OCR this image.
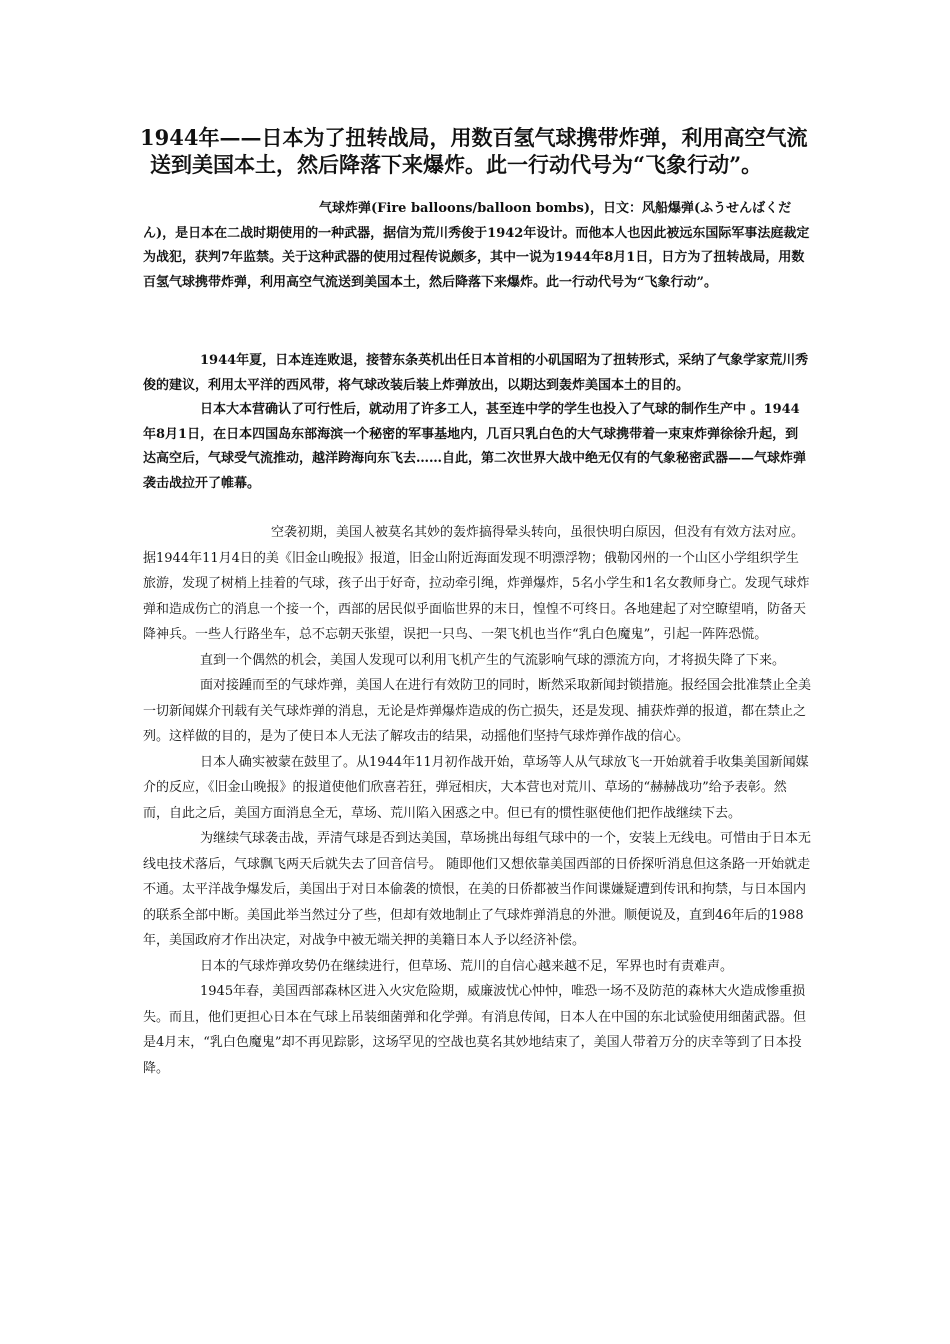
1944年——日本为了扭转战局，用数百氢气球携带炸弹，利用高空气流
送到美国本土，然后降落下来爆炸。此一行动代号为“飞象行动”。

气球炸弹(Fire balloons/balloon bombs)，日文：风船爆弹(ふうせんばくだん)，是日本在二战时期使用的一种武器，据信为荒川秀俊于1942年设计。而他本人也因此被远东国际军事法庭裁定为战犯，获判7年监禁。关于这种武器的使用过程传说颇多，其中一说为1944年8月1日，日方为了扭转战局，用数百氢气球携带炸弹，利用高空气流送到美国本土，然后降落下来爆炸。此一行动代号为“飞象行动”。

1944年夏，日本连连败退，接替东条英机出任日本首相的小矶国昭为了扭转形式，采纳了气象学家荒川秀俊的建议，利用太平洋的西风带，将气球改装后装上炸弹放出，以期达到轰炸美国本土的目的。

日本大本营确认了可行性后，就动用了许多工人，甚至连中学的学生也投入了气球的制作生产中 。1944年8月1日，在日本四国岛东部海滨一个秘密的军事基地内，几百只乳白色的大气球携带着一束束炸弹徐徐升起，到达高空后，气球受气流推动，越洋跨海向东飞去……自此，第二次世界大战中绝无仅有的气象秘密武器——气球炸弹袭击战拉开了帷幕。

空袭初期，美国人被莫名其妙的轰炸搞得晕头转向，虽很快明白原因，但没有有效方法对应。据1944年11月4日的美《旧金山晚报》报道，旧金山附近海面发现不明漂浮物；俄勒冈州的一个山区小学组织学生旅游，发现了树梢上挂着的气球，孩子出于好奇，拉动牵引绳，炸弹爆炸，5名小学生和1名女教师身亡。发现气球炸弹和造成伤亡的消息一个接一个，西部的居民似乎面临世界的末日，惶惶不可终日。各地建起了对空瞭望哨，防备天降神兵。一些人行路坐车，总不忘朝天张望，误把一只鸟、一架飞机也当作“乳白色魔鬼”，引起一阵阵恐慌。

直到一个偶然的机会，美国人发现可以利用飞机产生的气流影响气球的漂流方向，才将损失降了下来。

面对接踵而至的气球炸弹，美国人在进行有效防卫的同时，断然采取新闻封锁措施。报经国会批准禁止全美一切新闻媒介刊载有关气球炸弹的消息，无论是炸弹爆炸造成的伤亡损失，还是发现、捕获炸弹的报道，都在禁止之列。这样做的目的，是为了使日本人无法了解攻击的结果，动摇他们坚持气球炸弹作战的信心。

日本人确实被蒙在鼓里了。从1944年11月初作战开始，草场等人从气球放飞一开始就着手收集美国新闻媒介的反应，《旧金山晚报》的报道使他们欣喜若狂，弹冠相庆，大本营也对荒川、草场的“赫赫战功”给予表彰。然而，自此之后，美国方面消息全无，草场、荒川陷入困惑之中。但已有的惯性驱使他们把作战继续下去。

为继续气球袭击战，弄清气球是否到达美国，草场挑出每组气球中的一个，安装上无线电。可惜由于日本无线电技术落后，气球飘飞两天后就失去了回音信号。 随即他们又想依靠美国西部的日侨探听消息但这条路一开始就走不通。太平洋战争爆发后，美国出于对日本偷袭的愤恨，在美的日侨都被当作间谍嫌疑遭到传讯和拘禁，与日本国内的联系全部中断。美国此举当然过分了些，但却有效地制止了气球炸弹消息的外泄。顺便说及，直到46年后的1988年，美国政府才作出决定，对战争中被无端关押的美籍日本人予以经济补偿。

日本的气球炸弹攻势仍在继续进行，但草场、荒川的自信心越来越不足，军界也时有责难声。

1945年春，美国西部森林区进入火灾危险期，威廉波忧心忡忡，唯恐一场不及防范的森林大火造成惨重损失。而且，他们更担心日本在气球上吊装细菌弹和化学弹。有消息传闻，日本人在中国的东北试验使用细菌武器。但是4月末，“乳白色魔鬼”却不再见踪影，这场罕见的空战也莫名其妙地结束了，美国人带着万分的庆幸等到了日本投降。
